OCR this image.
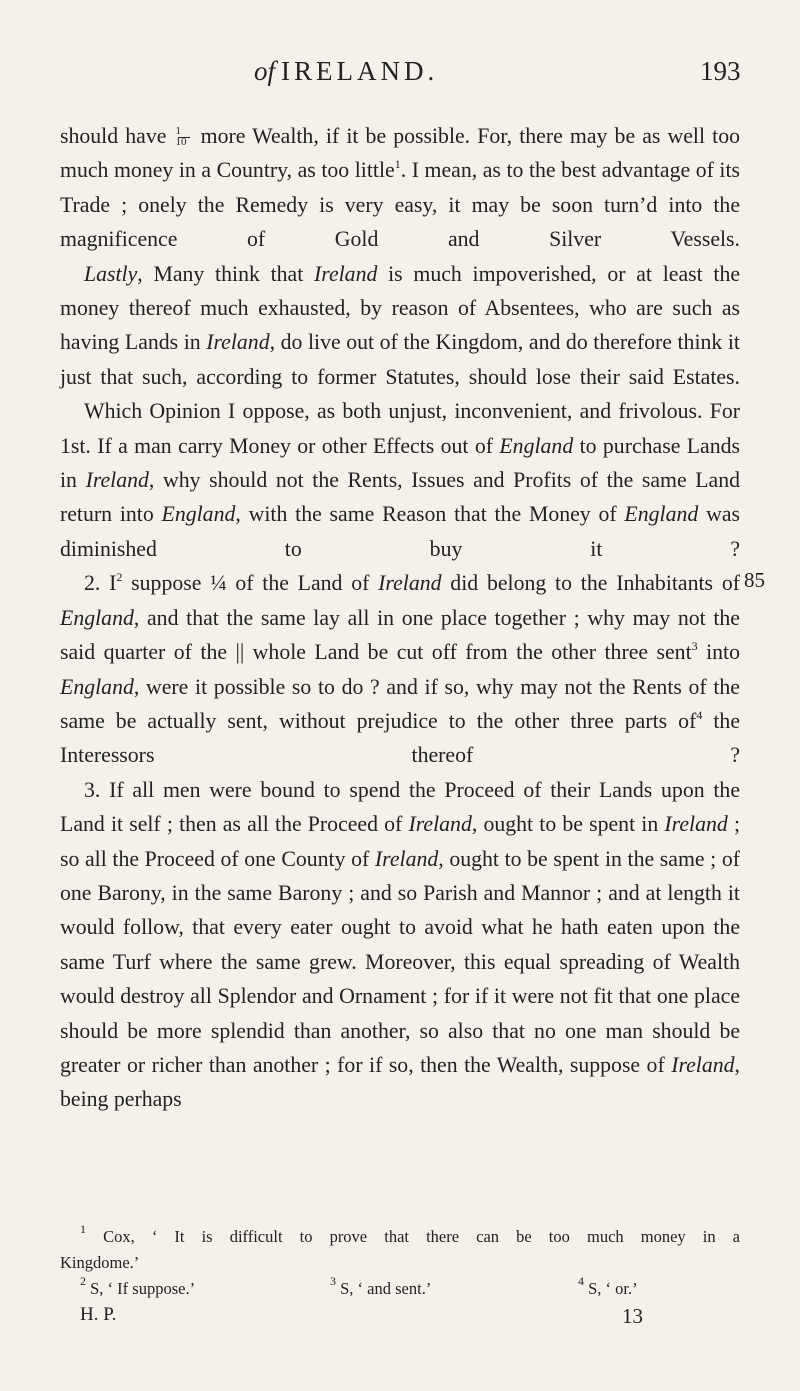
of IRELAND.	193

should have $\frac{1}{10}$ more Wealth, if it be possible. For, there may be as well too much money in a Country, as too little$^1$. I mean, as to the best advantage of its Trade ; onely the Remedy is very easy, it may be soon turn’d into the magnificence of Gold and Silver Vessels.

Lastly, Many think that Ireland is much impoverished, or at least the money thereof much exhausted, by reason of Absentees, who are such as having Lands in Ireland, do live out of the Kingdom, and do therefore think it just that such, according to former Statutes, should lose their said Estates.

Which Opinion I oppose, as both unjust, inconvenient, and frivolous. For 1st. If a man carry Money or other Effects out of England to purchase Lands in Ireland, why should not the Rents, Issues and Profits of the same Land return into England, with the same Reason that the Money of England was diminished to buy it ?

2. $I^2$ suppose ¼ of the Land of Ireland did belong to the Inhabitants of England, and that the same lay all in one place together ; why may not the said quarter of the || whole Land be cut off from the other three sent$^3$ into England, were it possible so to do ? and if so, why may not the Rents of the same be actually sent, without prejudice to the other three parts $of^4$ the Interessors thereof ?

3. If all men were bound to spend the Proceed of their Lands upon the Land it self ; then as all the Proceed of Ireland, ought to be spent in Ireland ; so all the Proceed of one County of Ireland, ought to be spent in the same ; of one Barony, in the same Barony ; and so Parish and Mannor ; and at length it would follow, that every eater ought to avoid what he hath eaten upon the same Turf where the same grew. Moreover, this equal spreading of Wealth would destroy all Splendor and Ornament ; for if it were not fit that one place should be more splendid than another, so also that no one man should be greater or richer than another ; for if so, then the Wealth, suppose of Ireland, being perhaps

85
$^1$ Cox, ‘ It is difficult to prove that there can be too much money in a
Kingdome.’
$^2$ S, ‘ If suppose.’	$^3$ S, ‘ and sent.’	$^4$ S, ‘ or.’
H. P.	13
